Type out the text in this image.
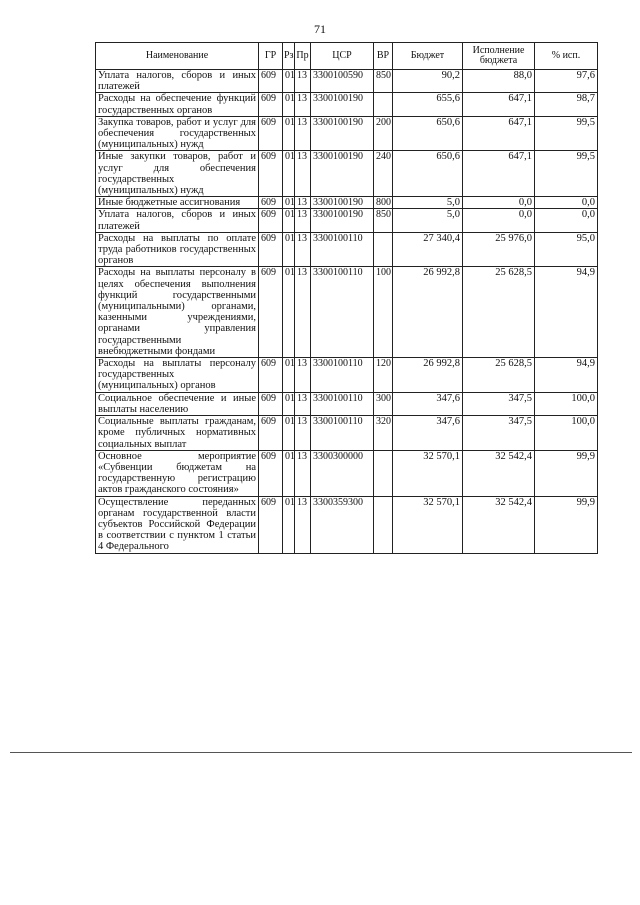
71
Наименование	ГР	Рз	Пр	ЦСР	ВР	Бюджет	Исполнение бюджета	% исп.
Уплата налогов, сборов и иных платежей	609	01	13	3300100590	850	90,2	88,0	97,6
Расходы на обеспечение функций государственных органов	609	01	13	3300100190		655,6	647,1	98,7
Закупка товаров, работ и услуг для обеспечения государственных (муниципальных) нужд	609	01	13	3300100190	200	650,6	647,1	99,5
Иные закупки товаров, работ и услуг для обеспечения государственных (муниципальных) нужд	609	01	13	3300100190	240	650,6	647,1	99,5
Иные бюджетные ассигнования	609	01	13	3300100190	800	5,0	0,0	0,0
Уплата налогов, сборов и иных платежей	609	01	13	3300100190	850	5,0	0,0	0,0
Расходы на выплаты по оплате труда работников государственных органов	609	01	13	3300100110		27 340,4	25 976,0	95,0
Расходы на выплаты персоналу в целях обеспечения выполнения функций государственными (муниципальными) органами, казенными учреждениями, органами управления государственными внебюджетными фондами	609	01	13	3300100110	100	26 992,8	25 628,5	94,9
Расходы на выплаты персоналу государственных (муниципальных) органов	609	01	13	3300100110	120	26 992,8	25 628,5	94,9
Социальное обеспечение и иные выплаты населению	609	01	13	3300100110	300	347,6	347,5	100,0
Социальные выплаты гражданам, кроме публичных нормативных социальных выплат	609	01	13	3300100110	320	347,6	347,5	100,0
Основное мероприятие «Субвенции бюджетам на государственную регистрацию актов гражданского состояния»	609	01	13	3300300000		32 570,1	32 542,4	99,9
Осуществление переданных органам государственной власти субъектов Российской Федерации в соответствии с пунктом 1 статьи 4 Федерального	609	01	13	3300359300		32 570,1	32 542,4	99,9
